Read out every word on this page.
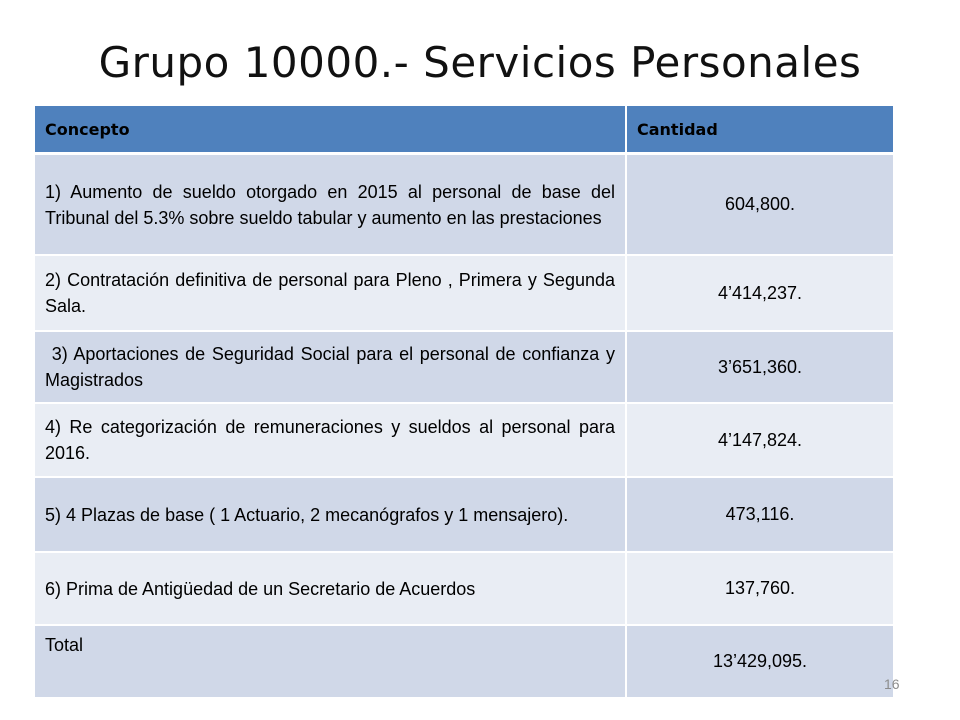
Grupo 10000.- Servicios Personales
Concepto	Cantidad
1) Aumento de sueldo otorgado en 2015 al personal de base del Tribunal del 5.3% sobre sueldo tabular y aumento en las prestaciones	604,800.
2) Contratación definitiva de personal para Pleno , Primera y Segunda Sala.	4’414,237.
3) Aportaciones de Seguridad Social para el personal de confianza y Magistrados	3’651,360.
4) Re categorización de remuneraciones y sueldos al personal para 2016.	4’147,824.
5) 4 Plazas de base ( 1 Actuario, 2 mecanógrafos y 1 mensajero).	473,116.
6) Prima de Antigüedad de un Secretario de Acuerdos	137,760.
Total	13’429,095.
16
